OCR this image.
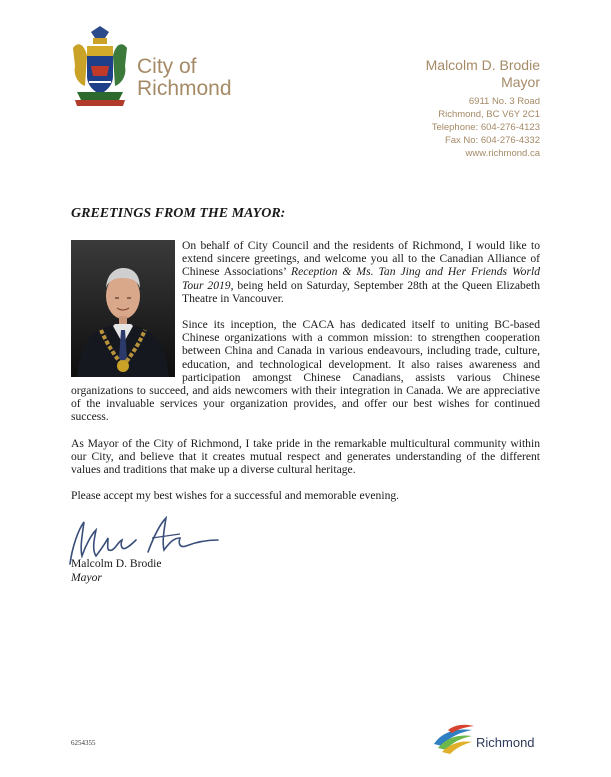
City of
Richmond
Malcolm D. Brodie
Mayor
6911 No. 3 Road
Richmond, BC V6Y 2C1
Telephone: 604-276-4123
Fax No: 604-276-4332
www.richmond.ca
GREETINGS FROM THE MAYOR:

On behalf of City Council and the residents of Richmond, I would like to extend sincere greetings, and welcome you all to the Canadian Alliance of Chinese Associations’ Reception & Ms. Tan Jing and Her Friends World Tour 2019, being held on Saturday, September 28th at the Queen Elizabeth Theatre in Vancouver.

Since its inception, the CACA has dedicated itself to uniting BC-based Chinese organizations with a common mission: to strengthen cooperation between China and Canada in various endeavours, including trade, culture, education, and technological development. It also raises awareness and participation amongst Chinese Canadians, assists various Chinese organizations to succeed, and aids newcomers with their integration in Canada. We are appreciative of the invaluable services your organization provides, and offer our best wishes for continued success.

As Mayor of the City of Richmond, I take pride in the remarkable multicultural community within our City, and believe that it creates mutual respect and generates understanding of the different values and traditions that make up a diverse cultural heritage.

Please accept my best wishes for a successful and memorable evening.

Malcolm D. Brodie
Mayor
6254355	Richmond
